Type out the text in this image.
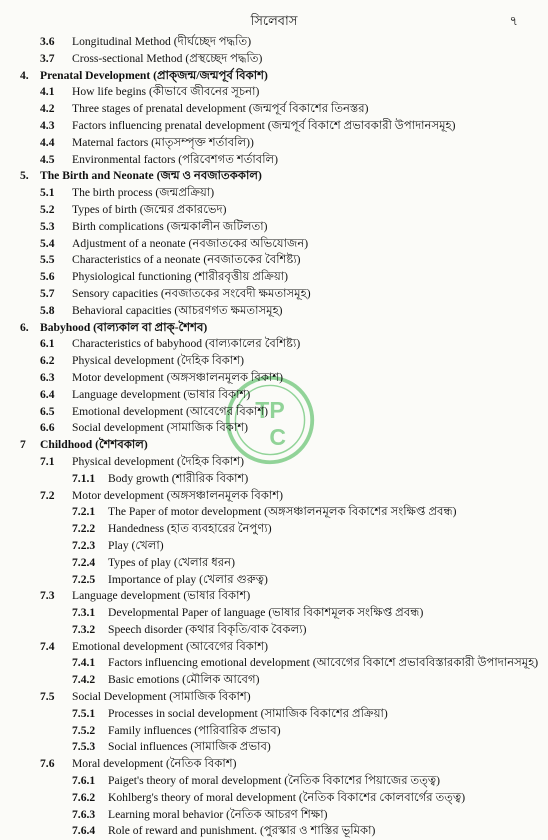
সিলেবাস	৭
TP
C
3.6 Longitudinal Method (দীর্ঘচ্ছেদ পদ্ধতি)
3.7 Cross-sectional Method (প্রস্থচ্ছেদ পদ্ধতি)
4. Prenatal Development (প্রাক্জন্ম/জন্মপূর্ব বিকাশ)
4.1 How life begins (কীভাবে জীবনের সূচনা)
4.2 Three stages of prenatal development (জন্মপূর্ব বিকাশের তিনস্তর)
4.3 Factors influencing prenatal development (জন্মপূর্ব বিকাশে প্রভাবকারী উপাদানসমূহ)
4.4 Maternal factors (মাতৃসম্পৃক্ত শর্তাবলি))
4.5 Environmental factors (পরিবেশগত শর্তাবলি)
5. The Birth and Neonate (জন্ম ও নবজাতককাল)
5.1 The birth process (জন্মপ্রক্রিয়া)
5.2 Types of birth (জন্মের প্রকারভেদ)
5.3 Birth complications (জন্মকালীন জটিলতা)
5.4 Adjustment of a neonate (নবজাতকের অভিযোজন)
5.5 Characteristics of a neonate (নবজাতকের বৈশিষ্ট্য)
5.6 Physiological functioning (শারীরবৃত্তীয় প্রক্রিয়া)
5.7 Sensory capacities (নবজাতকের সংবেদী ক্ষমতাসমূহ)
5.8 Behavioral capacities (আচরণগত ক্ষমতাসমূহ)
6. Babyhood (বাল্যকাল বা প্রাক্-শৈশব)
6.1 Characteristics of babyhood (বাল্যকালের বৈশিষ্ট্য)
6.2 Physical development (দৈহিক বিকাশ)
6.3 Motor development (অঙ্গসঞ্চালনমূলক বিকাশ)
6.4 Language development (ভাষার বিকাশ)
6.5 Emotional development (আবেগের বিকাশ)
6.6 Social development (সামাজিক বিকাশ)
7 Childhood (শৈশবকাল)
7.1 Physical development (দৈহিক বিকাশ)
7.1.1 Body growth (শারীরিক বিকাশ)
7.2 Motor development (অঙ্গসঞ্চালনমূলক বিকাশ)
7.2.1 The Paper of motor development (অঙ্গসঞ্চালনমূলক বিকাশের সংক্ষিপ্ত প্রবন্ধ)
7.2.2 Handedness (হাত ব্যবহারের নৈপুণ্য)
7.2.3 Play (খেলা)
7.2.4 Types of play (খেলার ধরন)
7.2.5 Importance of play (খেলার গুরুত্ব)
7.3 Language development (ভাষার বিকাশ)
7.3.1 Developmental Paper of language (ভাষার বিকাশমূলক সংক্ষিপ্ত প্রবন্ধ)
7.3.2 Speech disorder (কথার বিকৃতি/বাক বৈকল্য)
7.4 Emotional development (আবেগের বিকাশ)
7.4.1 Factors influencing emotional development (আবেগের বিকাশে প্রভাববিস্তারকারী উপাদানসমূহ)
7.4.2 Basic emotions (মৌলিক আবেগ)
7.5 Social Development (সামাজিক বিকাশ)
7.5.1 Processes in social development (সামাজিক বিকাশের প্রক্রিয়া)
7.5.2 Family influences (পারিবারিক প্রভাব)
7.5.3 Social influences (সামাজিক প্রভাব)
7.6 Moral development (নৈতিক বিকাশ)
7.6.1 Paiget's theory of moral development (নৈতিক বিকাশের পিয়াজের তত্ত্ব)
7.6.2 Kohlberg's theory of moral development (নৈতিক বিকাশের কোলবার্গের তত্ত্ব)
7.6.3 Learning moral behavior (নৈতিক আচরণ শিক্ষা)
7.6.4 Role of reward and punishment. (পুরস্কার ও শাস্তির ভূমিকা)
